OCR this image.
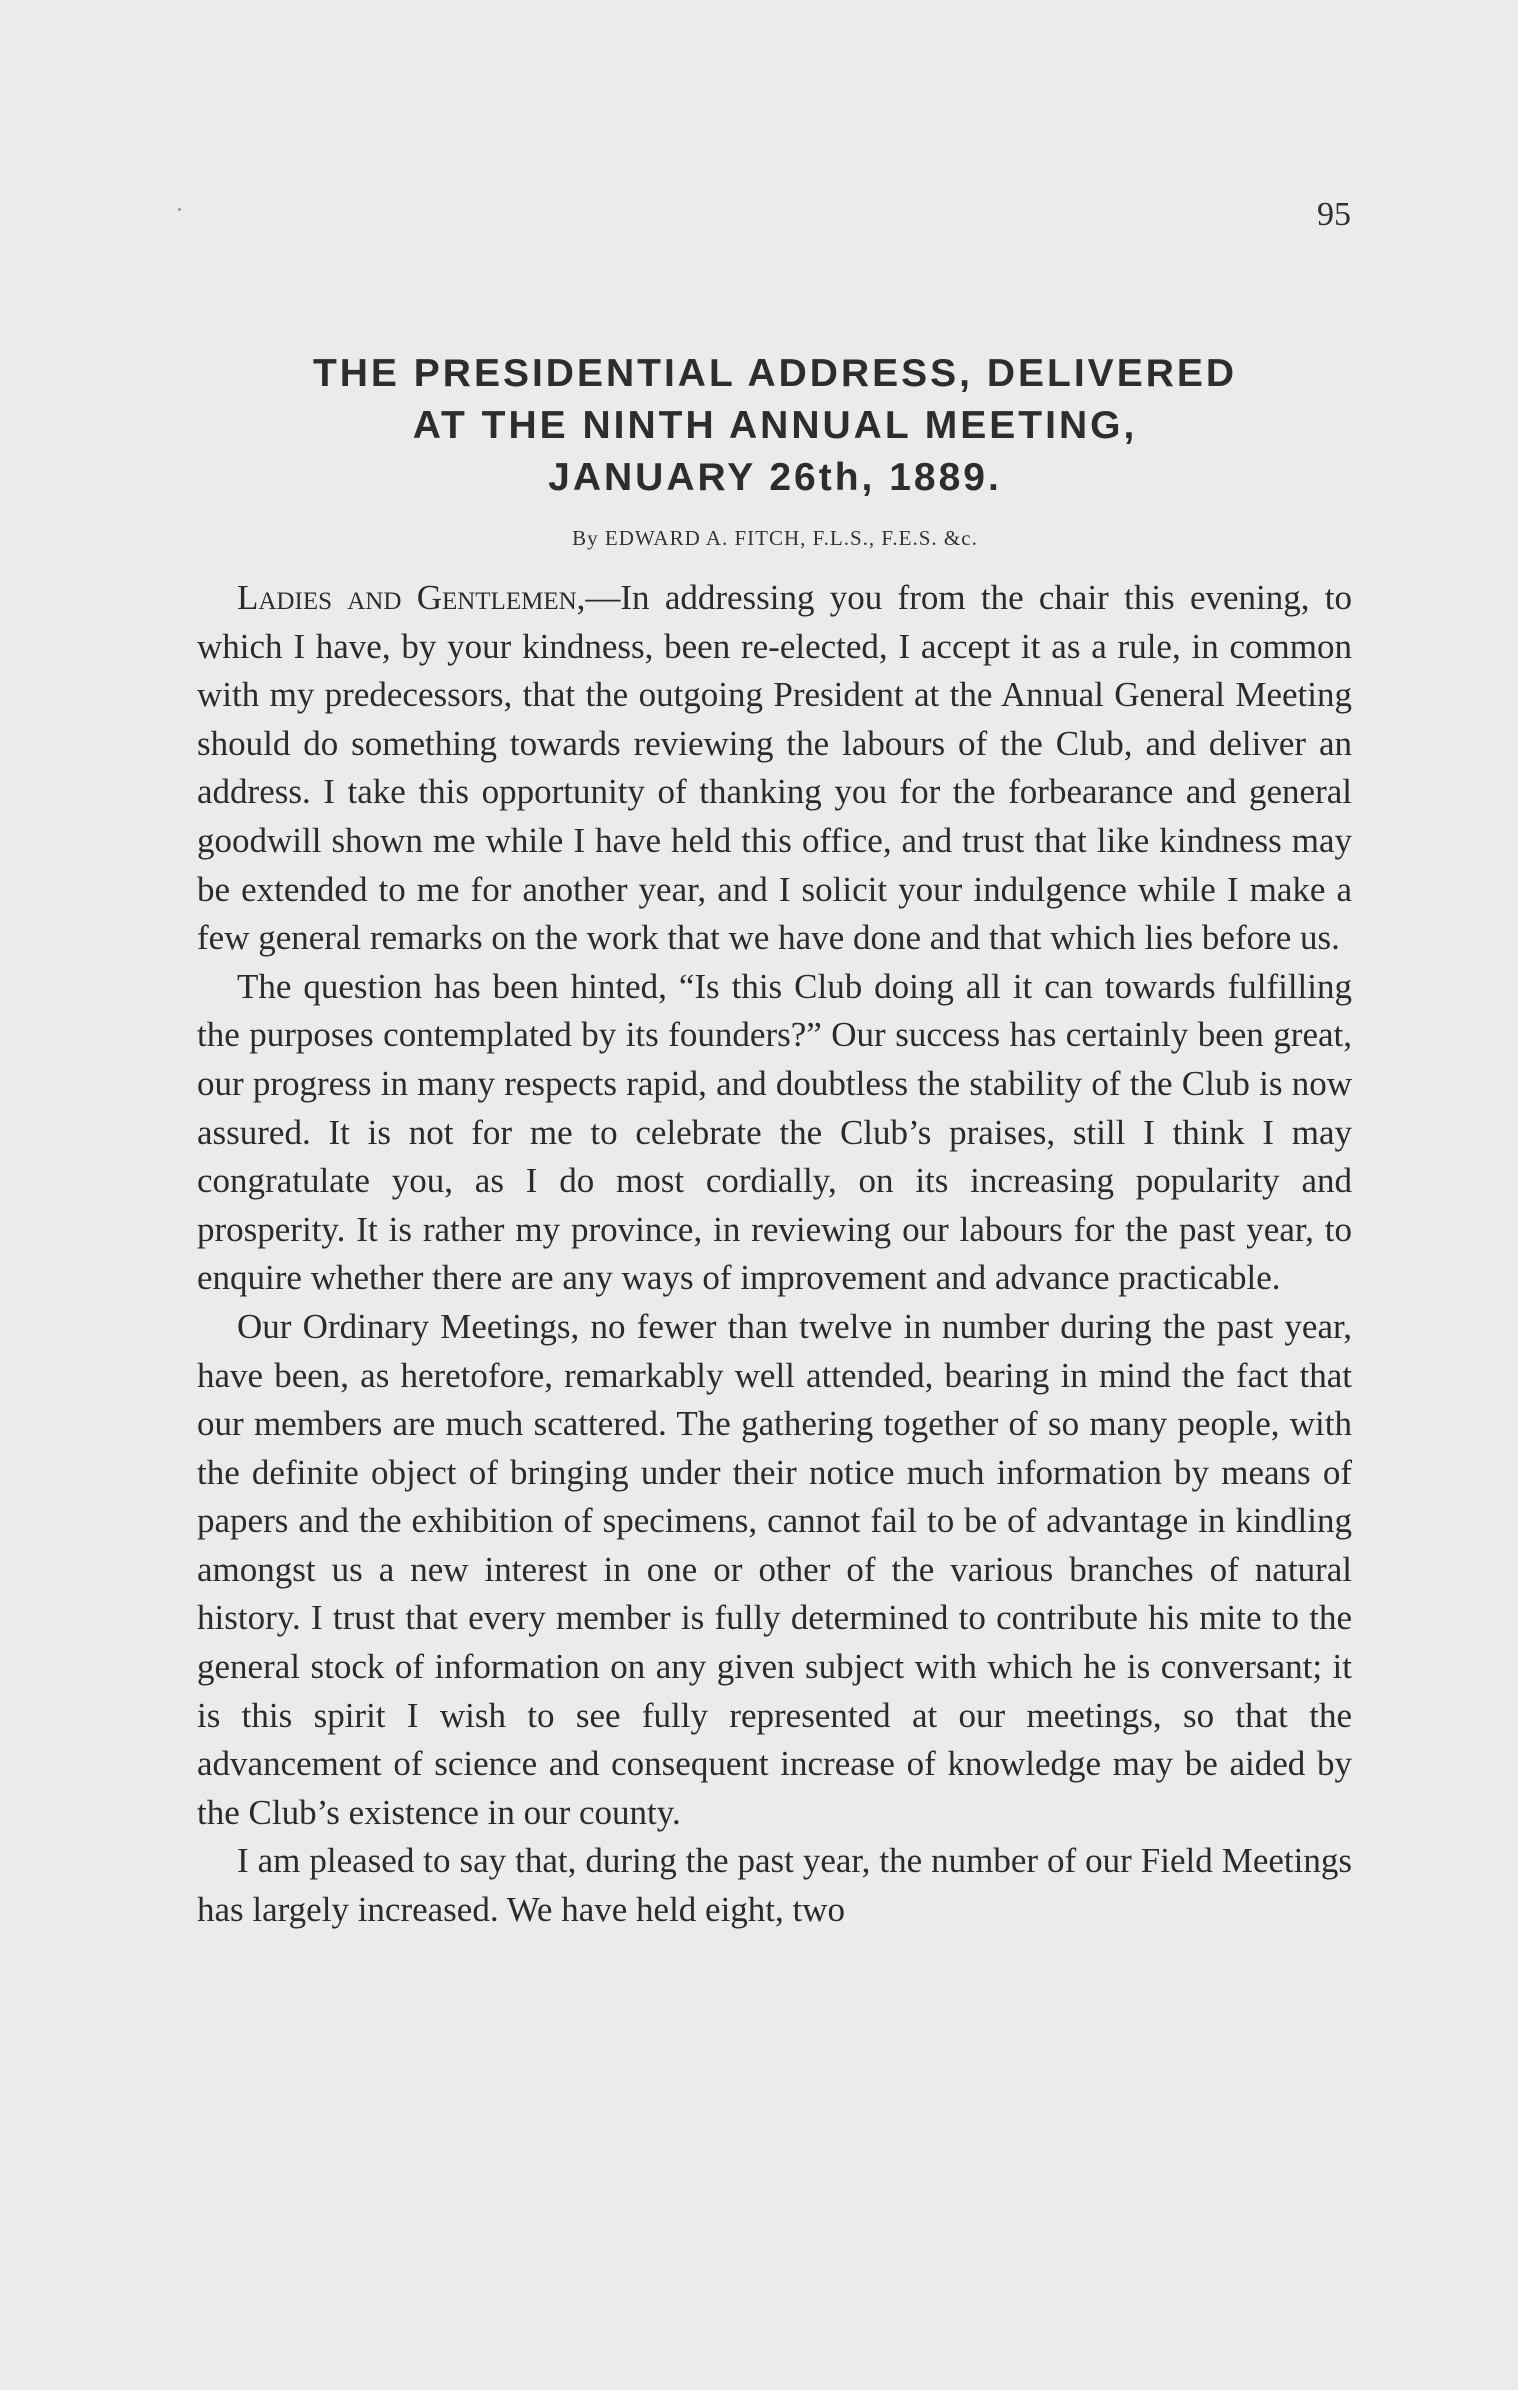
95
THE PRESIDENTIAL ADDRESS, DELIVERED
AT THE NINTH ANNUAL MEETING,
JANUARY 26th, 1889.
By EDWARD A. FITCH, F.L.S., F.E.S. &c.

Ladies and Gentlemen,—In addressing you from the chair this evening, to which I have, by your kindness, been re-elected, I accept it as a rule, in common with my predecessors, that the outgoing President at the Annual General Meeting should do something towards reviewing the labours of the Club, and deliver an address. I take this opportunity of thanking you for the forbearance and general goodwill shown me while I have held this office, and trust that like kindness may be extended to me for another year, and I solicit your indulgence while I make a few general remarks on the work that we have done and that which lies before us.

The question has been hinted, “Is this Club doing all it can towards fulfilling the purposes contemplated by its founders?” Our success has certainly been great, our progress in many respects rapid, and doubtless the stability of the Club is now assured. It is not for me to celebrate the Club’s praises, still I think I may congratulate you, as I do most cordially, on its increasing popularity and prosperity. It is rather my province, in reviewing our labours for the past year, to enquire whether there are any ways of improvement and advance practicable.

Our Ordinary Meetings, no fewer than twelve in number during the past year, have been, as heretofore, remarkably well attended, bearing in mind the fact that our members are much scattered. The gathering together of so many people, with the definite object of bringing under their notice much information by means of papers and the exhibition of specimens, cannot fail to be of advantage in kindling amongst us a new interest in one or other of the various branches of natural history. I trust that every member is fully determined to contribute his mite to the general stock of information on any given subject with which he is conversant; it is this spirit I wish to see fully represented at our meetings, so that the advancement of science and consequent increase of knowledge may be aided by the Club’s existence in our county.

I am pleased to say that, during the past year, the number of our Field Meetings has largely increased. We have held eight, two
